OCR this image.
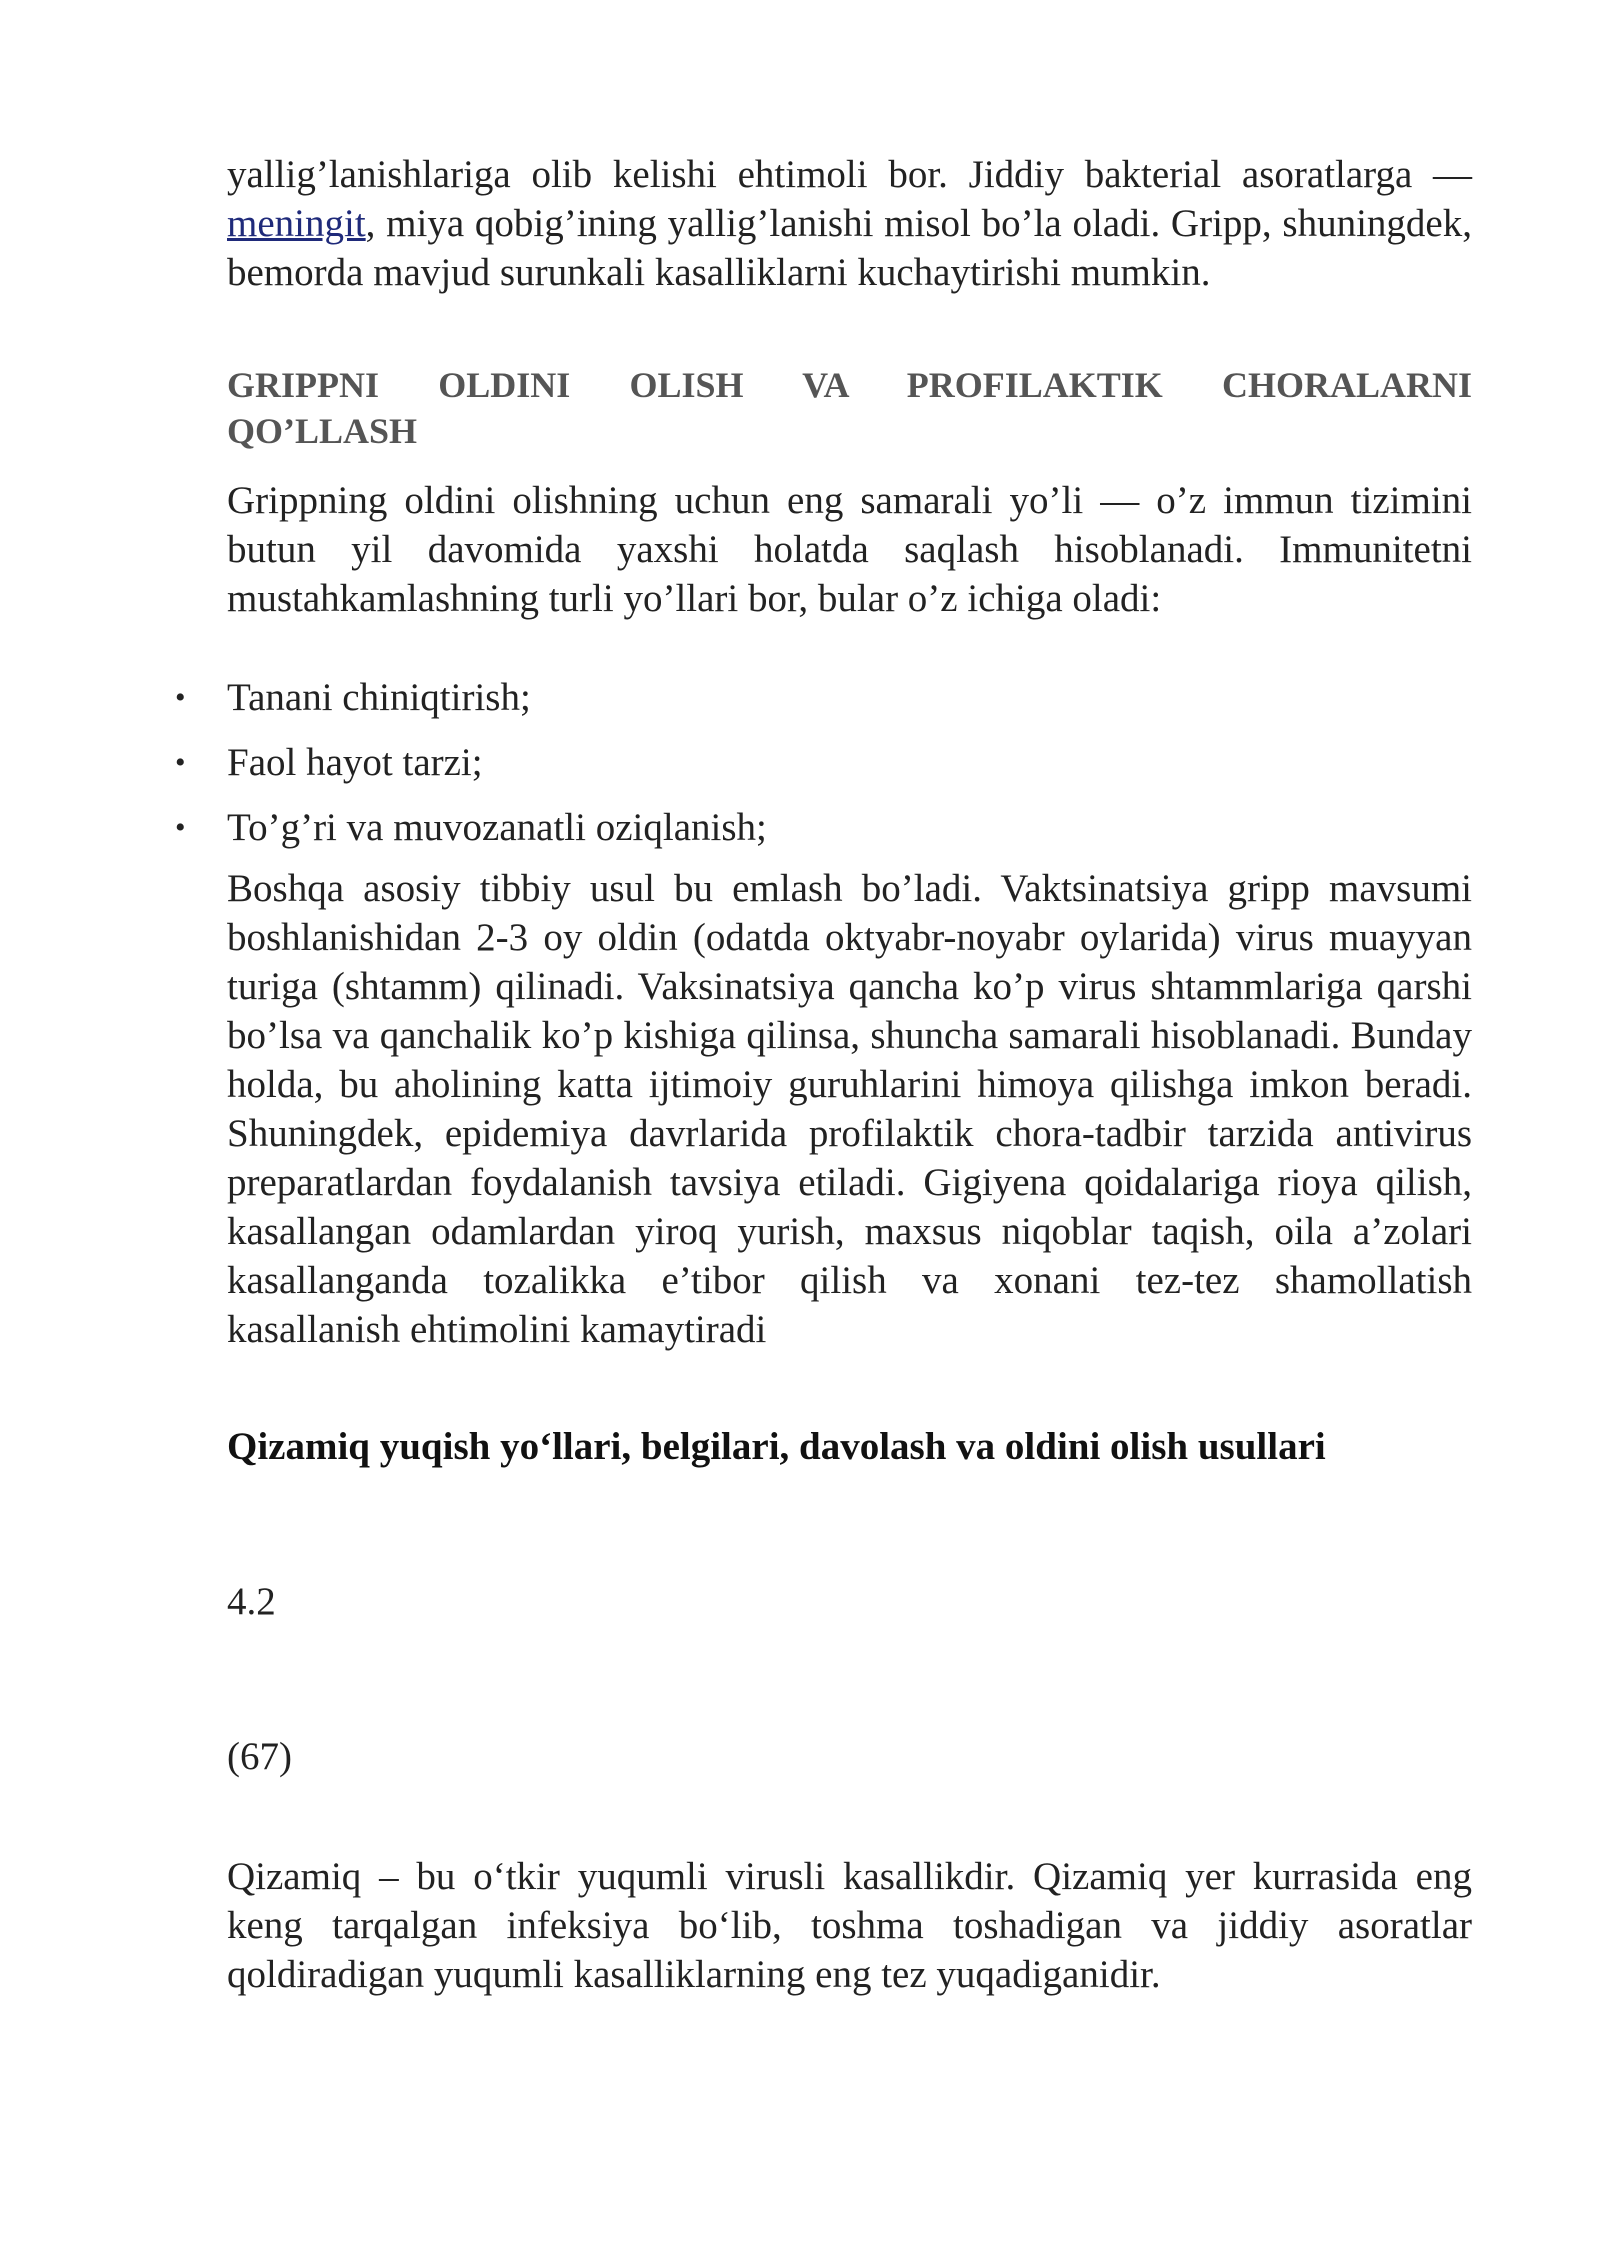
yallig’lanishlariga olib kelishi ehtimoli bor. Jiddiy bakterial asoratlarga — meningit, miya qobig’ining yallig’lanishi misol bo’la oladi. Gripp, shuningdek, bemorda mavjud surunkali kasalliklarni kuchaytirishi mumkin.

GRIPPNI OLDINI OLISH VA PROFILAKTIK CHORALARNI
QO’LLASH

Grippning oldini olishning uchun eng samarali yo’li — o’z immun tizimini butun yil davomida yaxshi holatda saqlash hisoblanadi. Immunitetni mustahkamlashning turli yo’llari bor, bular o’z ichiga oladi:

• Tanani chiniqtirish;
• Faol hayot tarzi;
• To’g’ri va muvozanatli oziqlanish;

Boshqa asosiy tibbiy usul bu emlash bo’ladi. Vaktsinatsiya gripp mavsumi boshlanishidan 2-3 oy oldin (odatda oktyabr-noyabr oylarida) virus muayyan turiga (shtamm) qilinadi. Vaksinatsiya qancha ko’p virus shtammlariga qarshi bo’lsa va qanchalik ko’p kishiga qilinsa, shuncha samarali hisoblanadi. Bunday holda, bu aholining katta ijtimoiy guruhlarini himoya qilishga imkon beradi. Shuningdek, epidemiya davrlarida profilaktik chora-tadbir tarzida antivirus preparatlardan foydalanish tavsiya etiladi. Gigiyena qoidalariga rioya qilish, kasallangan odamlardan yiroq yurish, maxsus niqoblar taqish, oila a’zolari kasallanganda tozalikka e’tibor qilish va xonani tez-tez shamollatish kasallanish ehtimolini kamaytiradi

Qizamiq yuqish yo‘llari, belgilari, davolash va oldini olish usullari
4.2
(67)

Qizamiq – bu o‘tkir yuqumli virusli kasallikdir. Qizamiq yer kurrasida eng keng tarqalgan infeksiya bo‘lib, toshma toshadigan va jiddiy asoratlar qoldiradigan yuqumli kasalliklarning eng tez yuqadiganidir.
